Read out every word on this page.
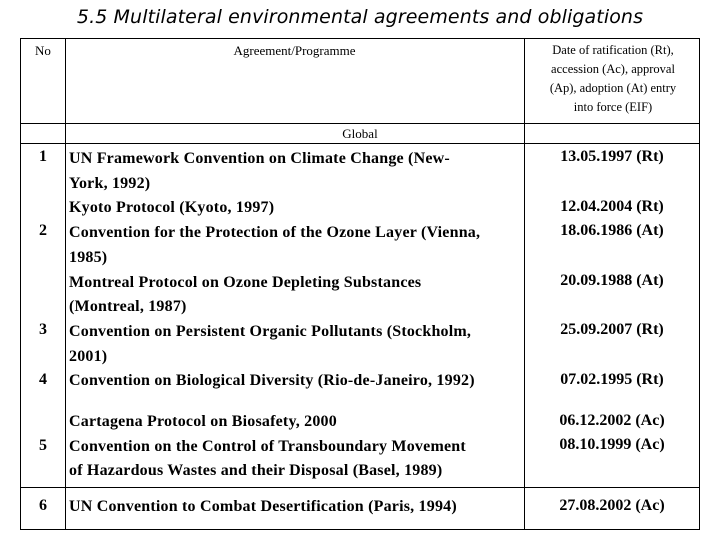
5.5 Multilateral environmental agreements and obligations
No	Agreement/Programme	Date of ratification (Rt),
accession (Ac), approval
(Ap), adoption (At) entry
into force (EIF)
Global
1
2
3
4
5
6
UN Framework Convention on Climate Change (New-
York, 1992)
Kyoto Protocol (Kyoto, 1997)
Convention for the Protection of the Ozone Layer (Vienna,
1985)
Montreal Protocol on Ozone Depleting Substances
(Montreal, 1987)
Convention on Persistent Organic Pollutants (Stockholm,
2001)
Convention on Biological Diversity (Rio-de-Janeiro, 1992)
Cartagena Protocol on Biosafety, 2000
Convention on the Control of Transboundary Movement
of Hazardous Wastes and their Disposal (Basel, 1989)
UN Convention to Combat Desertification (Paris, 1994)
13.05.1997 (Rt)
12.04.2004 (Rt)
18.06.1986 (At)
20.09.1988 (At)
25.09.2007 (Rt)
07.02.1995 (Rt)
06.12.2002 (Ac)
08.10.1999 (Ac)
27.08.2002 (Ac)
